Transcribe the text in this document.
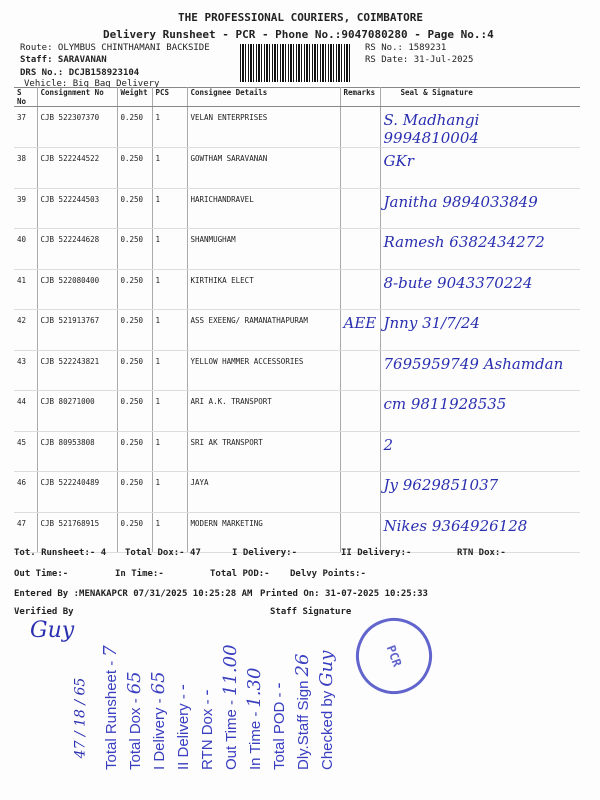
THE PROFESSIONAL COURIERS, COIMBATORE
Delivery Runsheet - PCR - Phone No.:9047080280 - Page No.:4
Route: OLYMBUS CHINTHAMANI BACKSIDE
Staff: SARAVANAN
DRS No.: DCJB158923104
Vehicle: Big Bag Delivery
RS No.: 1589231
RS Date: 31-Jul-2025
S No	Consignment No	Weight	PCS	Consignee Details	Remarks	Seal & Signature
37	CJB 522307370	0.250	1	VELAN ENTERPRISES		S. Madhangi 9994810004
38	CJB 522244522	0.250	1	GOWTHAM SARAVANAN		GKr
39	CJB 522244503	0.250	1	HARICHANDRAVEL		Janitha 9894033849
40	CJB 522244628	0.250	1	SHANMUGHAM		Ramesh 6382434272
41	CJB 522080400	0.250	1	KIRTHIKA ELECT		8-bute 9043370224
42	CJB 521913767	0.250	1	ASS EXEENG/ RAMANATHAPURAM	AEE	Jnny 31/7/24
43	CJB 522243821	0.250	1	YELLOW HAMMER ACCESSORIES		7695959749 Ashamdan
44	CJB 80271000	0.250	1	ARI A.K. TRANSPORT		cm 9811928535
45	CJB 80953808	0.250	1	SRI AK TRANSPORT		2
46	CJB 522240489	0.250	1	JAYA		Jy 9629851037
47	CJB 521768915	0.250	1	MODERN MARKETING		Nikes 9364926128
Tot. Runsheet:- 4 Total Dox:- 47	I Delivery:-	II Delivery:-	RTN Dox:-
Out Time:-	In Time:-	Total POD:- Delvy Points:-
Entered By :MENAKAPCR 07/31/2025 10:25:28 AM Printed On: 31-07-2025 10:25:33
Verified By	Staff Signature
Guy
47 / 18 / 65
PCR
Total Runsheet -7
Total Dox -65
I Delivery -65
II Delivery --
RTN Dox --
Out Time -11.00
In Time -1.30
Total POD -- Dly.Staff Sign26
Checked byGuy
